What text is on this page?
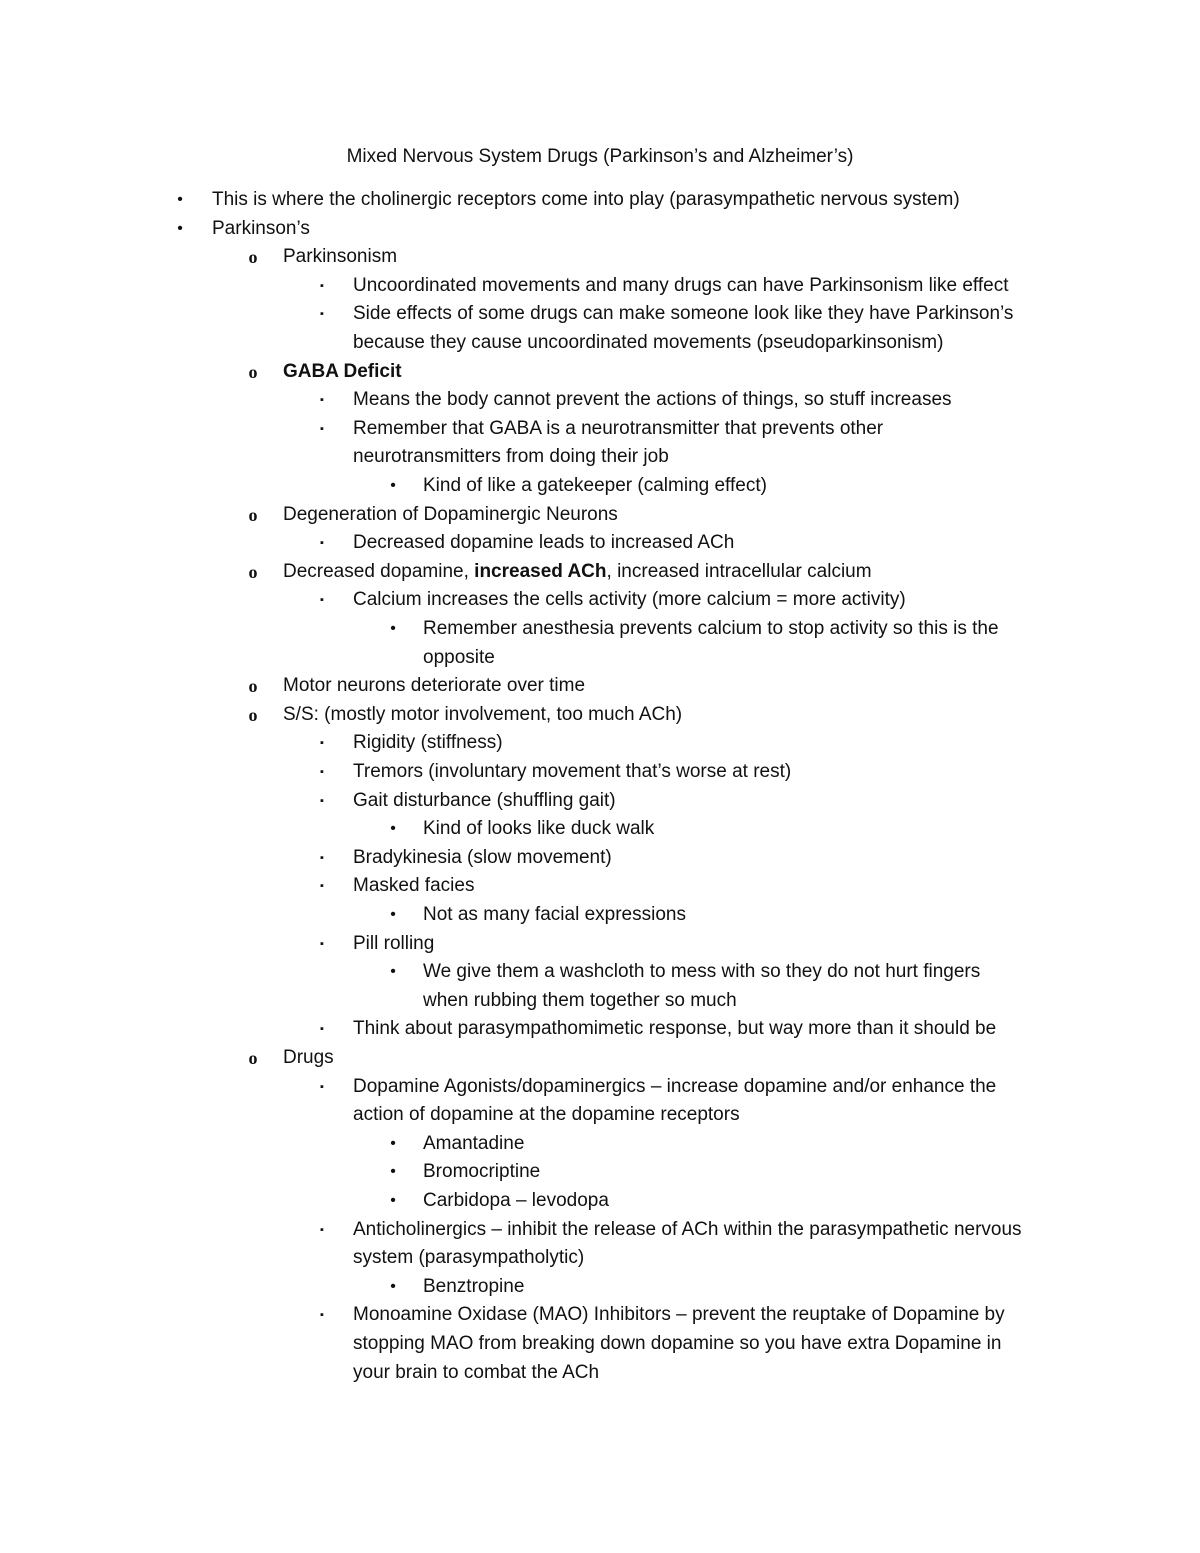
Mixed Nervous System Drugs (Parkinson’s and Alzheimer’s)
•	This is where the cholinergic receptors come into play (parasympathetic nervous system)
•	Parkinson’s
o Parkinsonism
▪	Uncoordinated movements and many drugs can have Parkinsonism like effect
▪	Side effects of some drugs can make someone look like they have Parkinson’s
because they cause uncoordinated movements (pseudoparkinsonism)
o GABA Deficit
▪	Means the body cannot prevent the actions of things, so stuff increases
▪	Remember that GABA is a neurotransmitter that prevents other
neurotransmitters from doing their job
•	Kind of like a gatekeeper (calming effect)
o Degeneration of Dopaminergic Neurons
▪	Decreased dopamine leads to increased ACh
o Decreased dopamine, increased ACh, increased intracellular calcium
▪	Calcium increases the cells activity (more calcium = more activity)
•	Remember anesthesia prevents calcium to stop activity so this is the
opposite
o Motor neurons deteriorate over time
o S/S: (mostly motor involvement, too much ACh)
▪	Rigidity (stiffness)
▪	Tremors (involuntary movement that’s worse at rest)
▪	Gait disturbance (shuffling gait)
•	Kind of looks like duck walk
▪	Bradykinesia (slow movement)
▪	Masked facies
•	Not as many facial expressions
▪	Pill rolling
•	We give them a washcloth to mess with so they do not hurt fingers
when rubbing them together so much
▪	Think about parasympathomimetic response, but way more than it should be
o Drugs
▪	Dopamine Agonists/dopaminergics – increase dopamine and/or enhance the
action of dopamine at the dopamine receptors
•	Amantadine
•	Bromocriptine
•	Carbidopa – levodopa
▪	Anticholinergics – inhibit the release of ACh within the parasympathetic nervous
system (parasympatholytic)
•	Benztropine
▪	Monoamine Oxidase (MAO) Inhibitors – prevent the reuptake of Dopamine by
stopping MAO from breaking down dopamine so you have extra Dopamine in
your brain to combat the ACh
